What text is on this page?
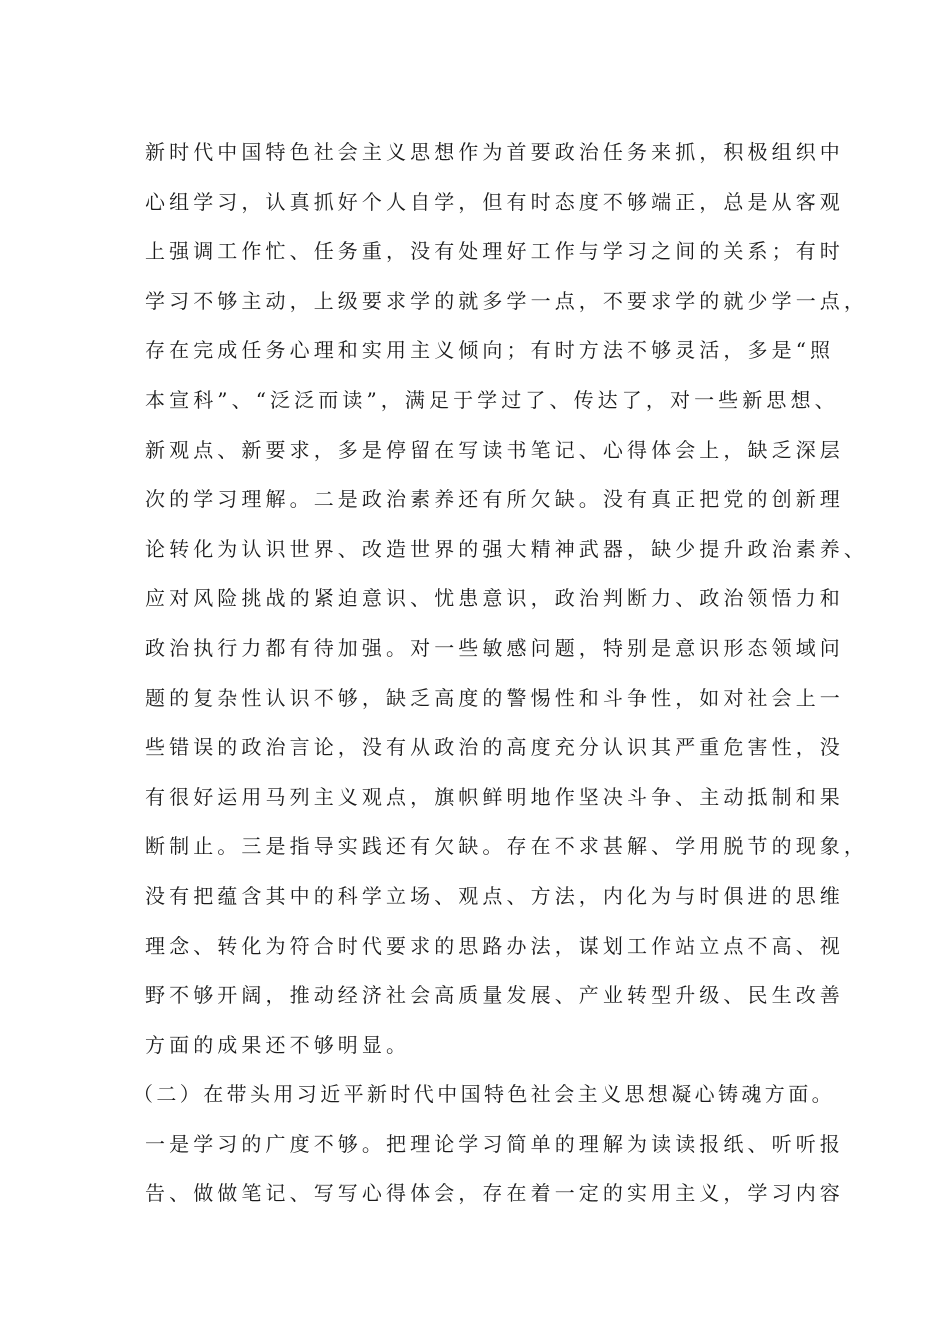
新时代中国特色社会主义思想作为首要政治任务来抓，积极组织中
心组学习，认真抓好个人自学，但有时态度不够端正，总是从客观
上强调工作忙、任务重，没有处理好工作与学习之间的关系；有时
学习不够主动，上级要求学的就多学一点，不要求学的就少学一点，
存在完成任务心理和实用主义倾向；有时方法不够灵活，多是“照
本宣科”、“泛泛而读”，满足于学过了、传达了，对一些新思想、
新观点、新要求，多是停留在写读书笔记、心得体会上，缺乏深层
次的学习理解。二是政治素养还有所欠缺。没有真正把党的创新理
论转化为认识世界、改造世界的强大精神武器，缺少提升政治素养、
应对风险挑战的紧迫意识、忧患意识，政治判断力、政治领悟力和
政治执行力都有待加强。对一些敏感问题，特别是意识形态领域问
题的复杂性认识不够，缺乏高度的警惕性和斗争性，如对社会上一
些错误的政治言论，没有从政治的高度充分认识其严重危害性，没
有很好运用马列主义观点，旗帜鲜明地作坚决斗争、主动抵制和果
断制止。三是指导实践还有欠缺。存在不求甚解、学用脱节的现象，
没有把蕴含其中的科学立场、观点、方法，内化为与时俱进的思维
理念、转化为符合时代要求的思路办法，谋划工作站立点不高、视
野不够开阔，推动经济社会高质量发展、产业转型升级、民生改善
方面的成果还不够明显。
（二）在带头用习近平新时代中国特色社会主义思想凝心铸魂方面。
一是学习的广度不够。把理论学习简单的理解为读读报纸、听听报
告、做做笔记、写写心得体会，存在着一定的实用主义，学习内容
